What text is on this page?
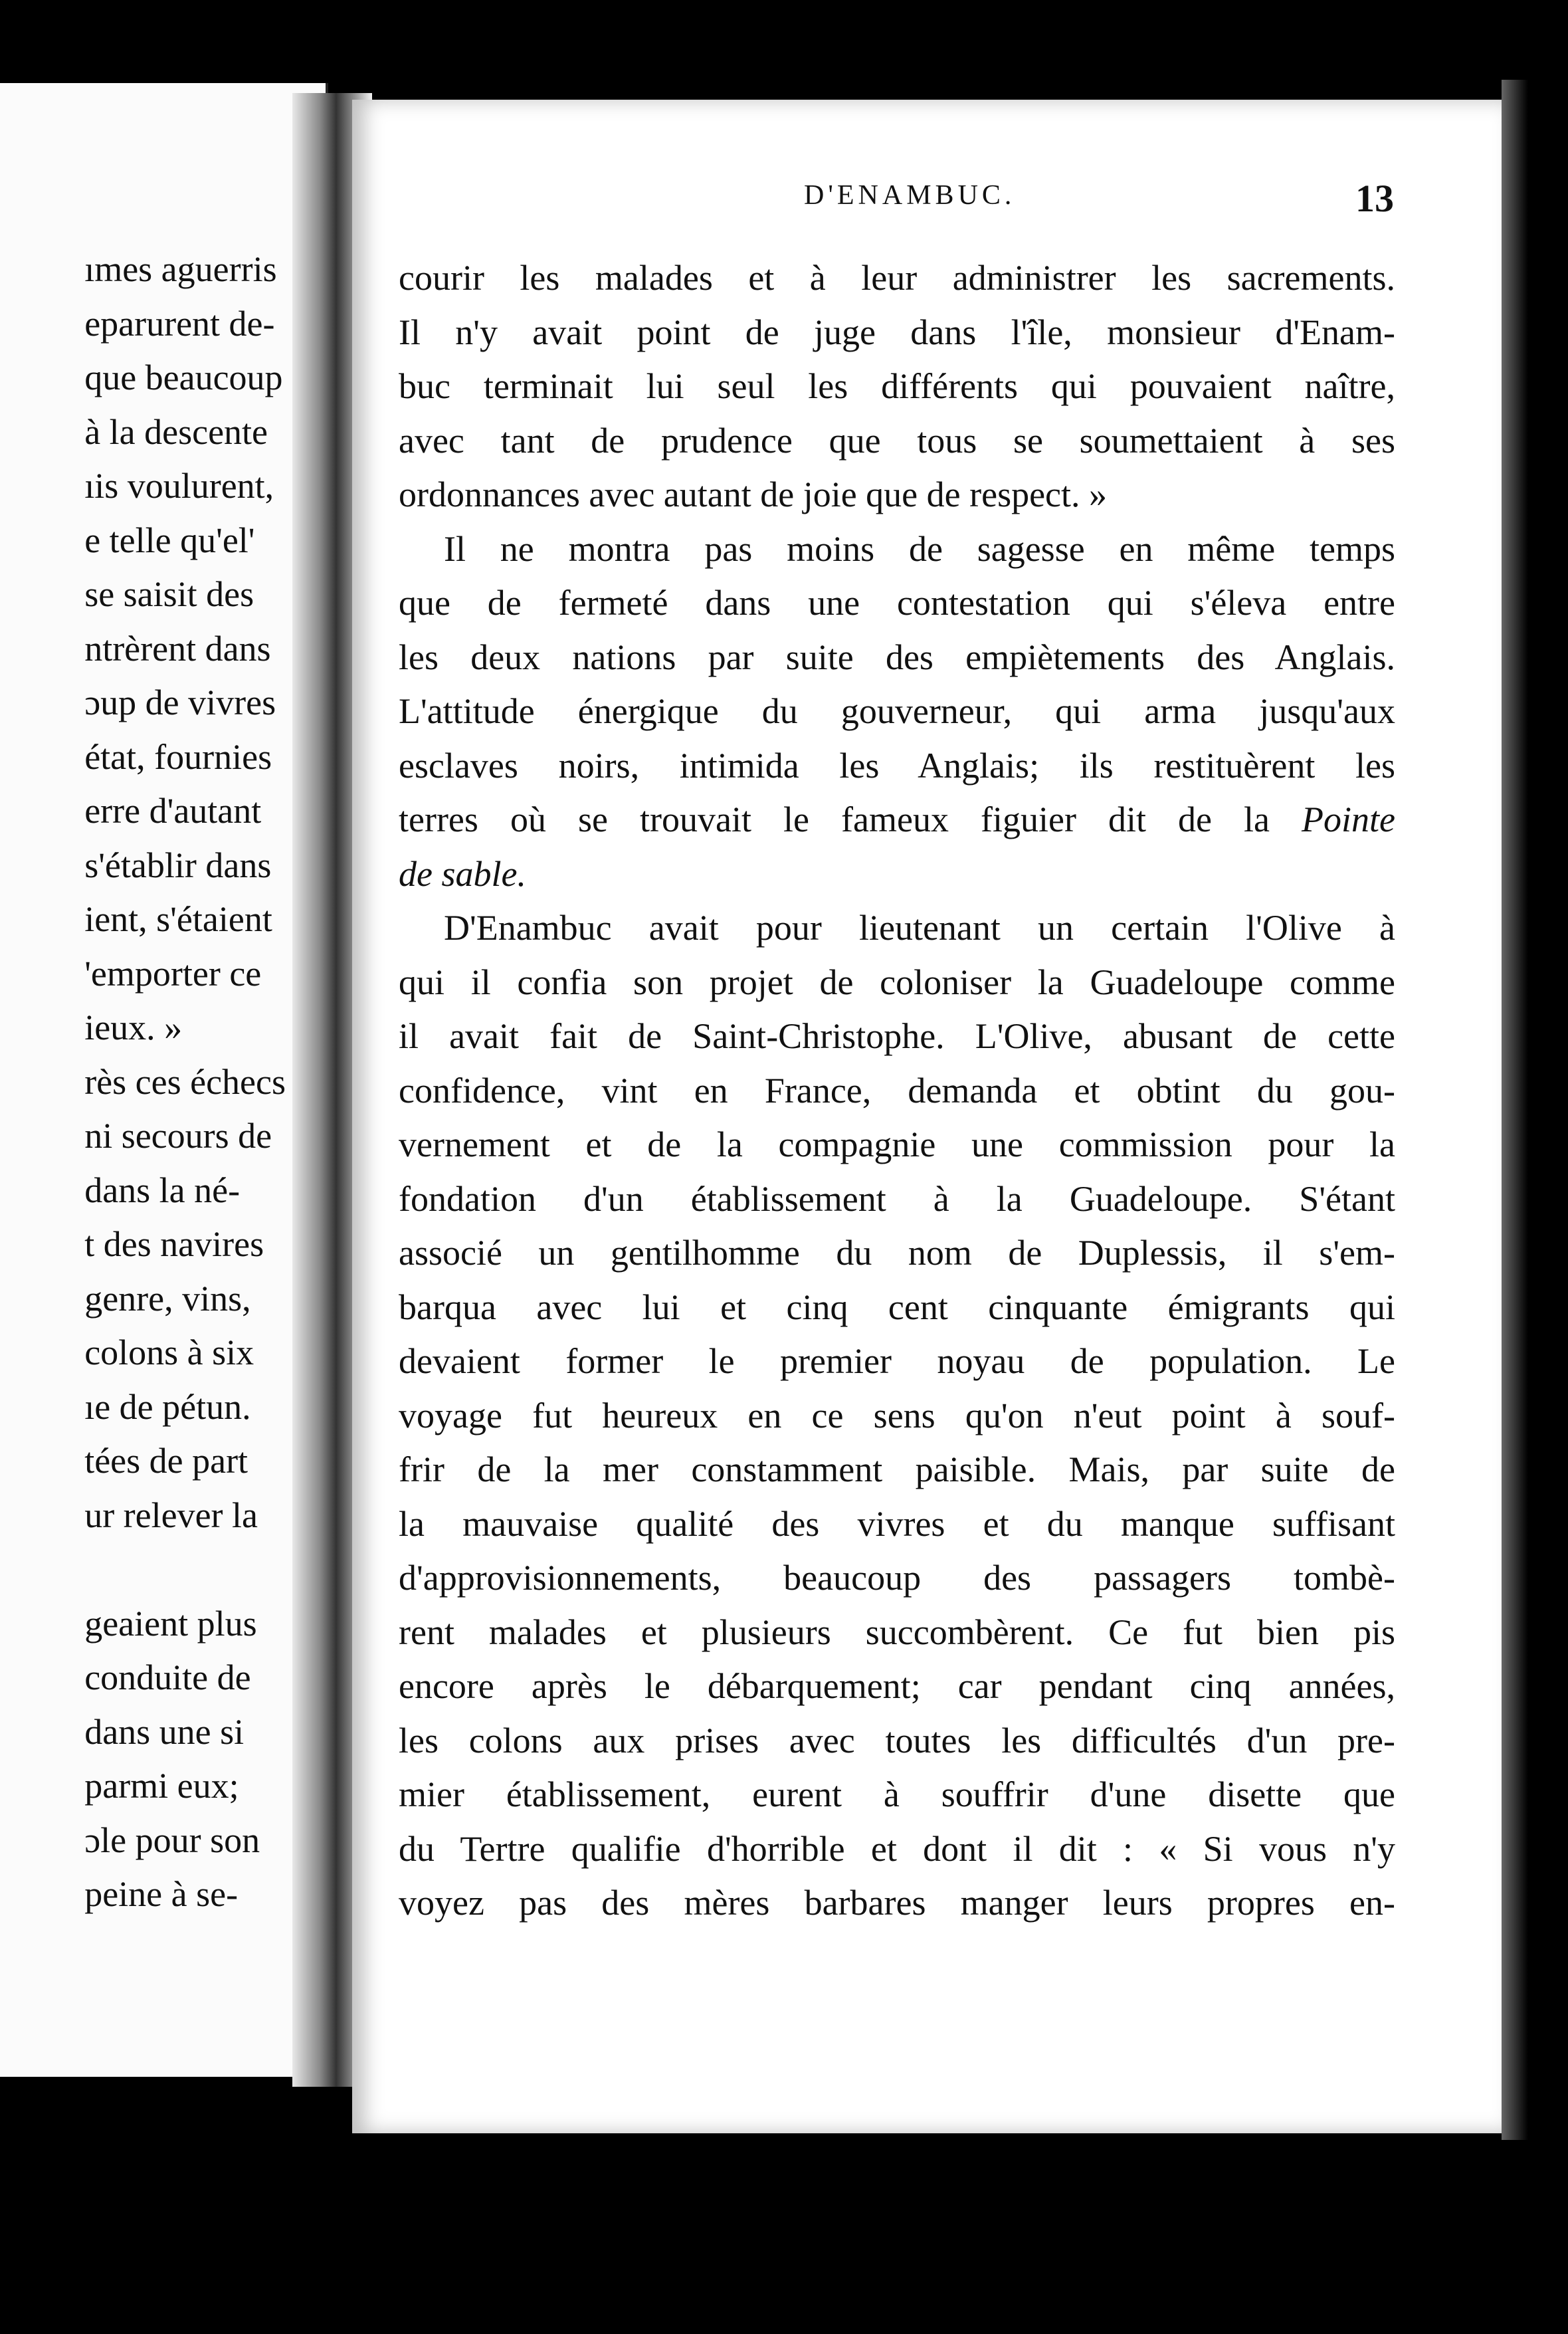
ımes aguerris
eparurent de-
que beaucoup
à la descente
ıis voulurent,
e telle qu'el'
se saisit des
ntrèrent dans
ɔup de vivres
état, fournies
erre d'autant
s'établir dans
ient, s'étaient
'emporter ce
ieux. »
rès ces échecs
ni secours de
dans la né-
t des navires
genre, vins,
colons à six
ıe de pétun.
tées de part
ur relever la
geaient plus
conduite de
dans une si
parmi eux;
ɔle pour son
peine à se-
D'ENAMBUC.	13
courir les malades et à leur administrer les sacrements.
Il n'y avait point de juge dans l'île, monsieur d'Enam-
buc terminait lui seul les différents qui pouvaient naître,
avec tant de prudence que tous se soumettaient à ses
ordonnances avec autant de joie que de respect. »
Il ne montra pas moins de sagesse en même temps
que de fermeté dans une contestation qui s'éleva entre
les deux nations par suite des empiètements des Anglais.
L'attitude énergique du gouverneur, qui arma jusqu'aux
esclaves noirs, intimida les Anglais; ils restituèrent les
terres où se trouvait le fameux figuier dit de la Pointe
de sable.
D'Enambuc avait pour lieutenant un certain l'Olive à
qui il confia son projet de coloniser la Guadeloupe comme
il avait fait de Saint-Christophe. L'Olive, abusant de cette
confidence, vint en France, demanda et obtint du gou-
vernement et de la compagnie une commission pour la
fondation d'un établissement à la Guadeloupe. S'étant
associé un gentilhomme du nom de Duplessis, il s'em-
barqua avec lui et cinq cent cinquante émigrants qui
devaient former le premier noyau de population. Le
voyage fut heureux en ce sens qu'on n'eut point à souf-
frir de la mer constamment paisible. Mais, par suite de
la mauvaise qualité des vivres et du manque suffisant
d'approvisionnements, beaucoup des passagers tombè-
rent malades et plusieurs succombèrent. Ce fut bien pis
encore après le débarquement; car pendant cinq années,
les colons aux prises avec toutes les difficultés d'un pre-
mier établissement, eurent à souffrir d'une disette que
du Tertre qualifie d'horrible et dont il dit : « Si vous n'y
voyez pas des mères barbares manger leurs propres en-
